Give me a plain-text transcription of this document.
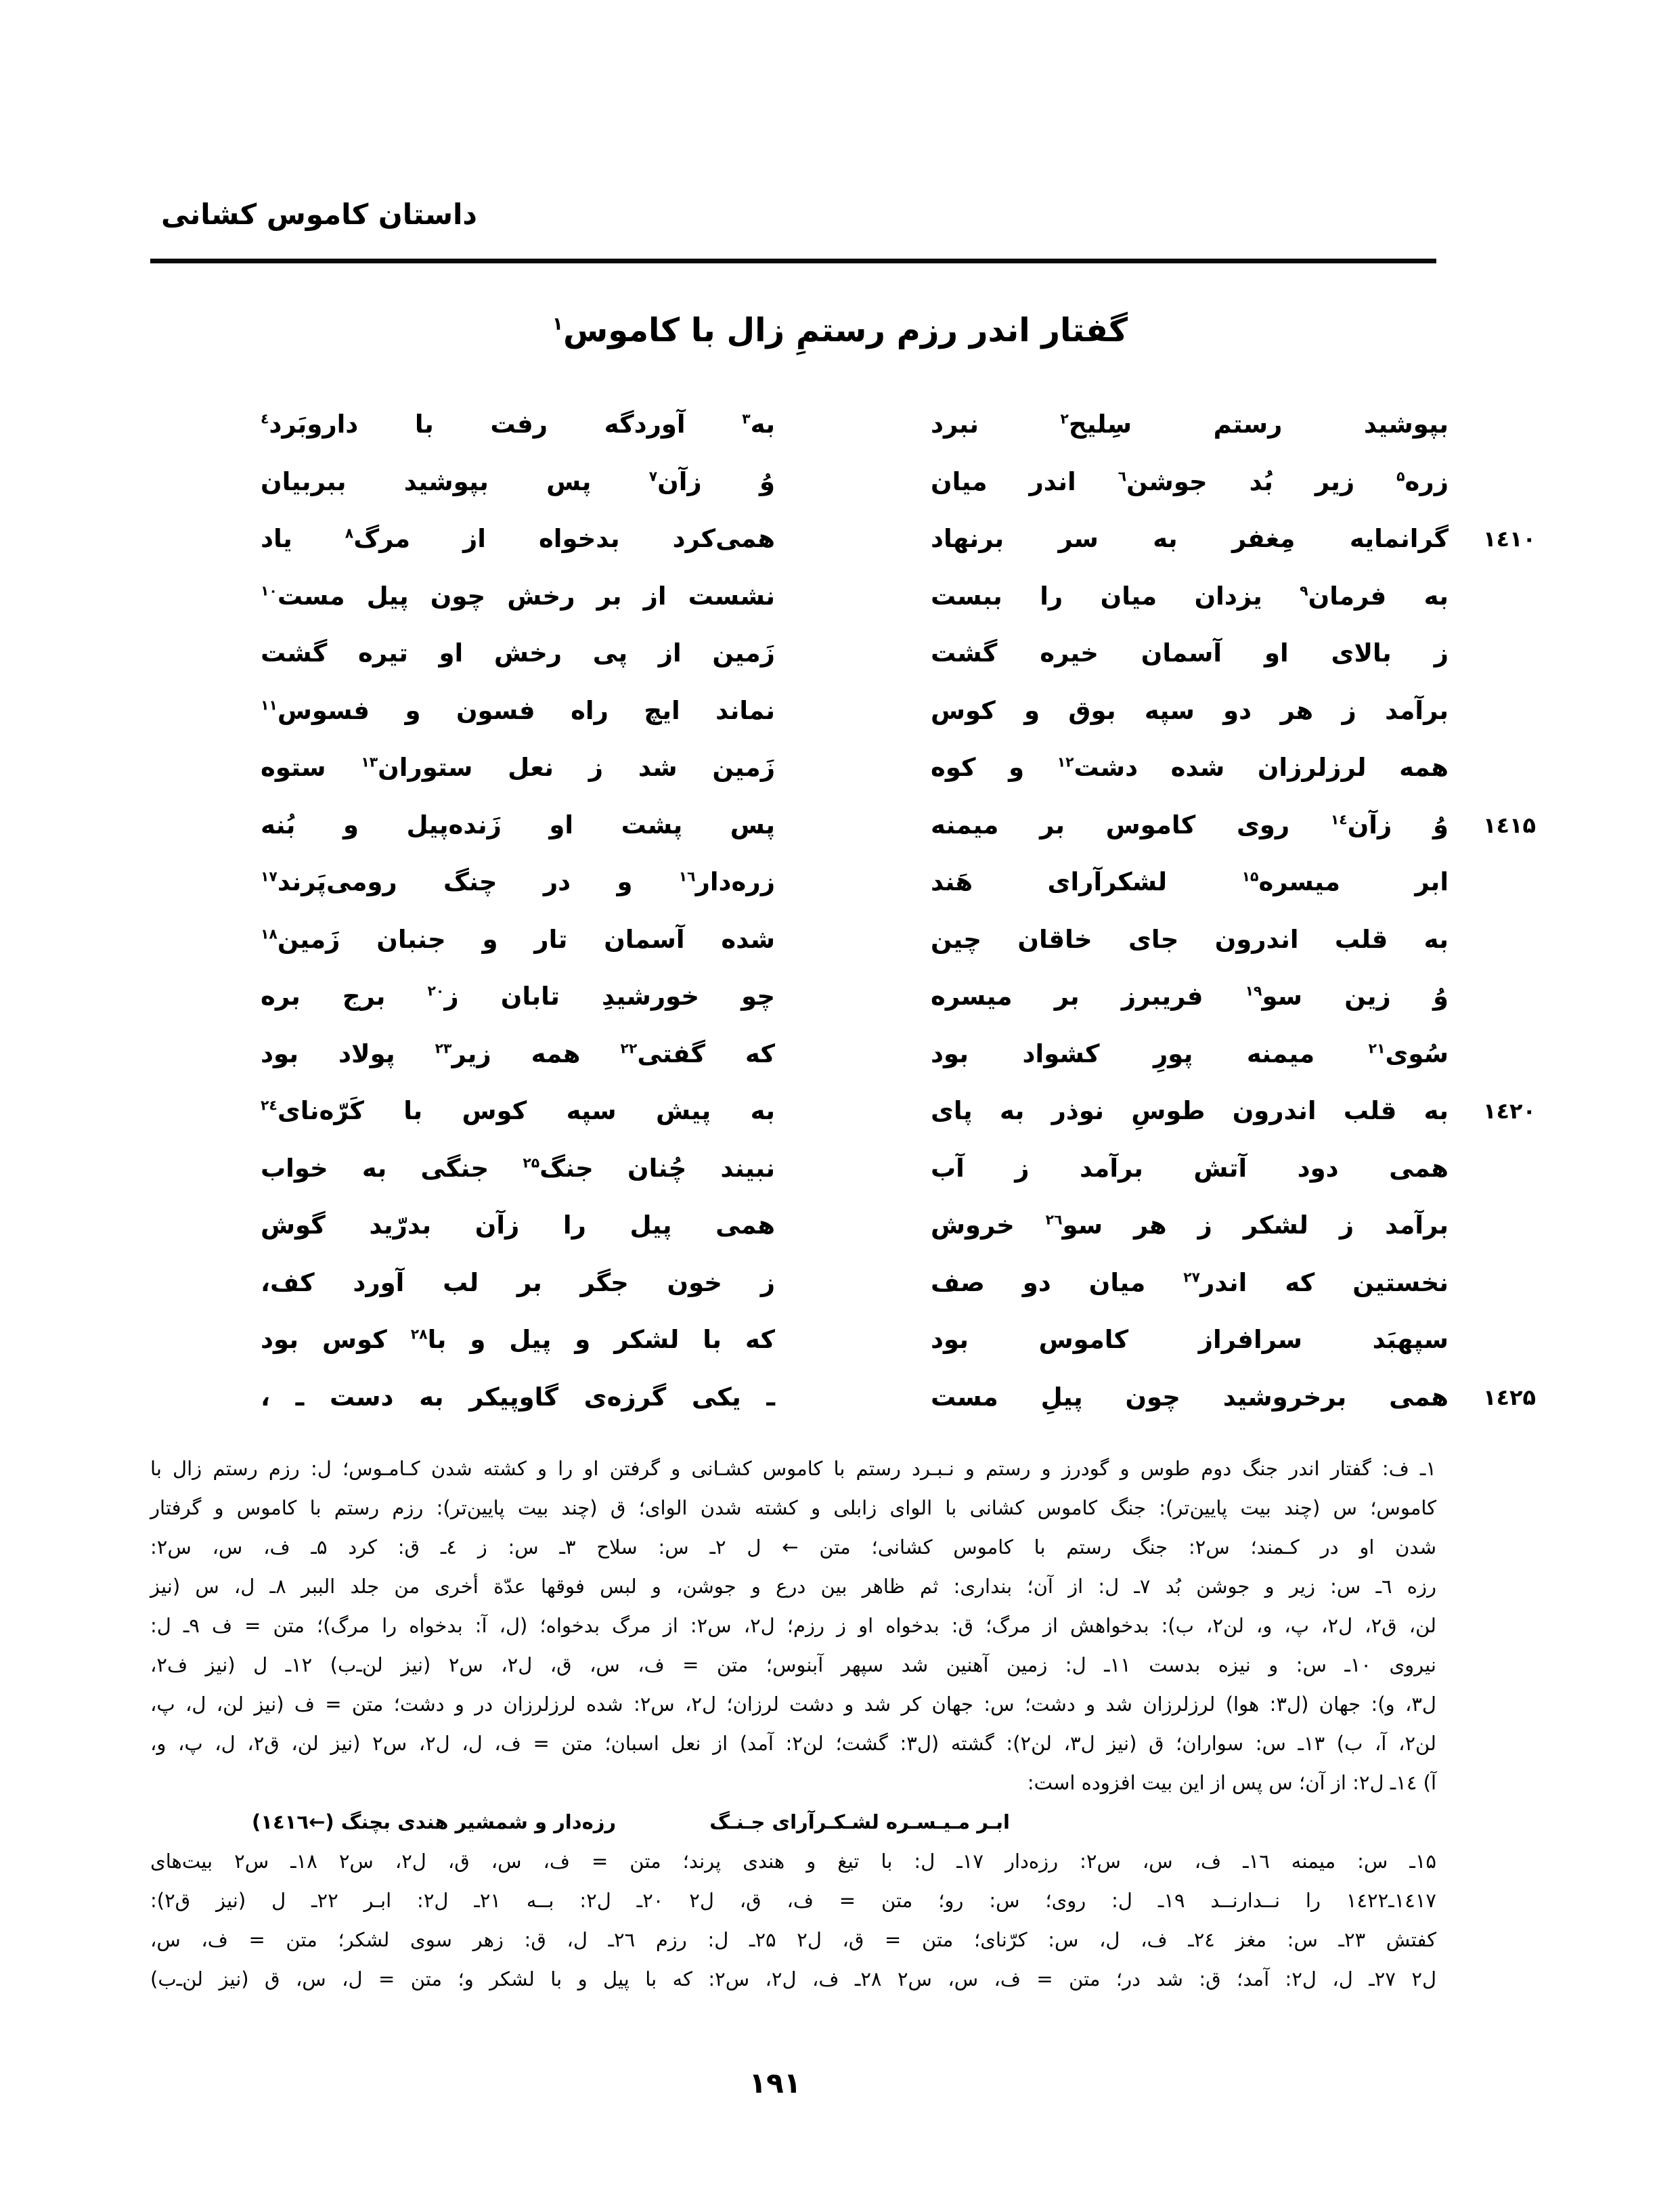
داستان کاموس کشانی
گفتار اندر رزم رستمِ زال با کاموس$^۱$
بپوشید رستم سِلیح$^۲$ نبرد
به$^۳$ آوردگه رفت با داروبَرد$^٤$
زره$^۵$ زیر بُد جوشن$^٦$ اندر میان
وُ زآن$^۷$ پس بپوشید ببربیان
گرانمایه مِغفر به سر برنهاد
همی‌کرد بدخواه از مرگ$^۸$ یاد	۱٤۱۰
به فرمان$^۹$ یزدان میان را ببست
نشست از بر رخش چون پیل مست$^{۱۰}$
ز بالای او آسمان خیره گشت
زَمین از پی رخش او تیره گشت
برآمد ز هر دو سپه بوق و کوس
نماند ایچ راه فسون و فسوس$^{۱۱}$
همه لرزلرزان شده دشت$^{۱۲}$ و کوه
زَمین شد ز نعل ستوران$^{۱۳}$ ستوه
وُ زآن$^{۱٤}$ روی کاموس بر میمنه
پس پشت او زَنده‌پیل و بُنه	۱٤۱۵
ابر میسره$^{۱۵}$ لشکرآرای هَند
زره‌دار$^{۱٦}$ و در چنگ رومی‌پَرند$^{۱۷}$
به قلب اندرون جای خاقان چین
شده آسمان تار و جنبان زَمین$^{۱۸}$
وُ زین سو$^{۱۹}$ فریبرز بر میسره
چو خورشیدِ تابان ز$^{۲۰}$ برج بره
سُوی$^{۲۱}$ میمنه پورِ کشواد بود
که گفتی$^{۲۲}$ همه زیر$^{۲۳}$ پولاد بود
به قلب اندرون طوسِ نوذر به پای
به پیش سپه کوس با کَرّه‌نای$^{۲٤}$	۱٤۲۰
همی دود آتش برآمد ز آب
نبیند چُنان جنگ$^{۲۵}$ جنگی به خواب
برآمد ز لشکر ز هر سو$^{۲٦}$ خروش
همی پیل را زآن بدرّید گوش
نخستین که اندر$^{۲۷}$ میان دو صف
ز خون جگر بر لب آورد کف،
سپهبَد سرافراز کاموس بود
که با لشکر و پیل و با$^{۲۸}$ کوس بود
همی برخروشید چون پیلِ مست
ـ یکی گرزه‌ی گاوپیکر به دست ـ ،	۱٤۲۵
۱ـ ف: گفتار اندر جنگ دوم طوس و گودرز و رستم و نـبـرد رستم با کاموس کشـانی و گرفتن او را و کشته شدن کـامـوس؛ ل: رزم رستم زال با
کاموس؛ س (چند بیت پایین‌تر): جنگ کاموس کشانی با الوای زابلی و کشته شدن الوای؛ ق (چند بیت پایین‌تر): رزم رستم با کاموس و گرفتار
شدن او در کـمند؛ س۲: جنگ رستم با کاموس کشانی؛ متن ← ل ۲ـ س: سلاح ۳ـ س: ز ٤ـ ق: کرد ۵ـ ف، س، س۲:
رزه ٦ـ س: زیر و جوشن بُد ۷ـ ل: از آن؛ بنداری: ثم ظاهر بین درع و جوشن، و لبس فوقها عدّة أخری من جلد الببر ۸ـ ل، س (نیز
لن، ق۲، ل۲، پ، و، لن۲، ب): بدخواهش از مرگ؛ ق: بدخواه او ز رزم؛ ل۲، س۲: از مرگ بدخواه؛ (ل، آ: بدخواه را مرگ)؛ متن = ف ۹ـ ل:
نیروی ۱۰ـ س: و نیزه بدست ۱۱ـ ل: زمین آهنین شد سپهر آبنوس؛ متن = ف، س، ق، ل۲، س۲ (نیز لن‌ـ‌ب) ۱۲ـ ل (نیز ف۲،
ل۳، و): جهان (ل۳: هوا) لرزلرزان شد و دشت؛ س: جهان کر شد و دشت لرزان؛ ل۲، س۲: شده لرزلرزان در و دشت؛ متن = ف (نیز لن، ل، پ،
لن۲، آ، ب) ۱۳ـ س: سواران؛ ق (نیز ل۳، لن۲): گشته (ل۳: گشت؛ لن۲: آمد) از نعل اسبان؛ متن = ف، ل، ل۲، س۲ (نیز لن، ق۲، ل، پ، و،
آ) ۱٤ـ ل۲: از آن؛ س پس از این بیت افزوده است:
ابـر مـیـسـره لشـکـرآرای جـنـگ
رزه‌دار و شمشیر هندی بچنگ (←۱٤۱٦)
۱۵ـ س: میمنه ۱٦ـ ف، س، س۲: رزه‌دار ۱۷ـ ل: با تیغ و هندی پرند؛ متن = ف، س، ق، ل۲، س۲ ۱۸ـ س۲ بیت‌های
۱٤۱۷ـ۱٤۲۲ را نــدارنــد ۱۹ـ ل: روی؛ س: رو؛ متن = ف، ق، ل۲ ۲۰ـ ل۲: بــه ۲۱ـ ل۲: ابـر ۲۲ـ ل (نیز ق۲):
کفتش ۲۳ـ س: مغز ۲٤ـ ف، ل، س: کرّنای؛ متن = ق، ل۲ ۲۵ـ ل: رزم ۲٦ـ ل، ق: زهر سوی لشکر؛ متن = ف، س،
ل۲ ۲۷ـ ل، ل۲: آمد؛ ق: شد در؛ متن = ف، س، س۲ ۲۸ـ ف، ل۲، س۲: که با پیل و با لشکر و؛ متن = ل، س، ق (نیز لن‌ـ‌ب)
۱۹۱
